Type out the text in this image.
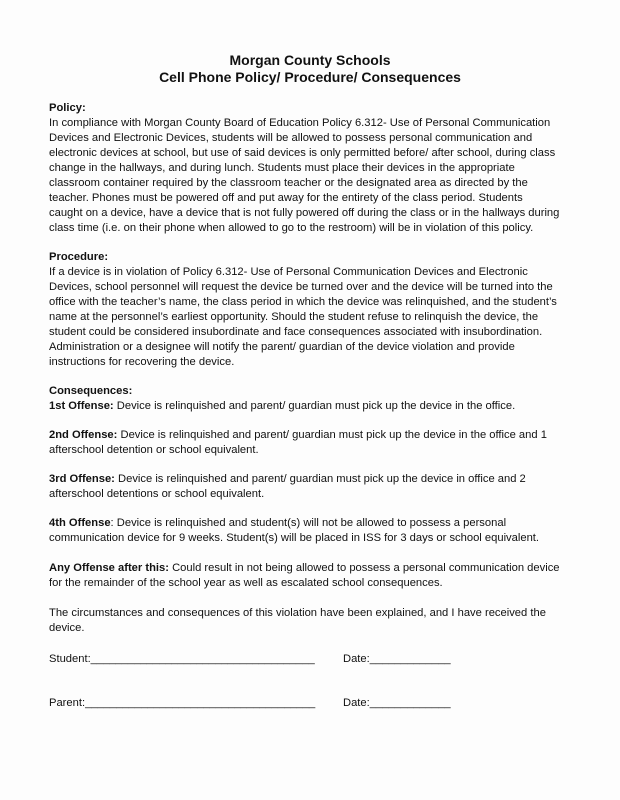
Morgan County Schools
Cell Phone Policy/ Procedure/ Consequences
Policy:
In compliance with Morgan County Board of Education Policy 6.312- Use of Personal Communication
Devices and Electronic Devices, students will be allowed to possess personal communication and
electronic devices at school, but use of said devices is only permitted before/ after school, during class
change in the hallways, and during lunch. Students must place their devices in the appropriate
classroom container required by the classroom teacher or the designated area as directed by the
teacher. Phones must be powered off and put away for the entirety of the class period. Students
caught on a device, have a device that is not fully powered off during the class or in the hallways during
class time (i.e. on their phone when allowed to go to the restroom) will be in violation of this policy.
Procedure:
If a device is in violation of Policy 6.312- Use of Personal Communication Devices and Electronic
Devices, school personnel will request the device be turned over and the device will be turned into the
office with the teacher’s name, the class period in which the device was relinquished, and the student’s
name at the personnel’s earliest opportunity. Should the student refuse to relinquish the device, the
student could be considered insubordinate and face consequences associated with insubordination.
Administration or a designee will notify the parent/ guardian of the device violation and provide
instructions for recovering the device.
Consequences:
1st Offense: Device is relinquished and parent/ guardian must pick up the device in the office.
2nd Offense: Device is relinquished and parent/ guardian must pick up the device in the office and 1
afterschool detention or school equivalent.
3rd Offense: Device is relinquished and parent/ guardian must pick up the device in office and 2
afterschool detentions or school equivalent.
4th Offense: Device is relinquished and student(s) will not be allowed to possess a personal
communication device for 9 weeks. Student(s) will be placed in ISS for 3 days or school equivalent.
Any Offense after this: Could result in not being allowed to possess a personal communication device
for the remainder of the school year as well as escalated school consequences.
The circumstances and consequences of this violation have been explained, and I have received the
device.
Student:____________________________________	Date:_____________
Parent:_____________________________________ Date:_____________
